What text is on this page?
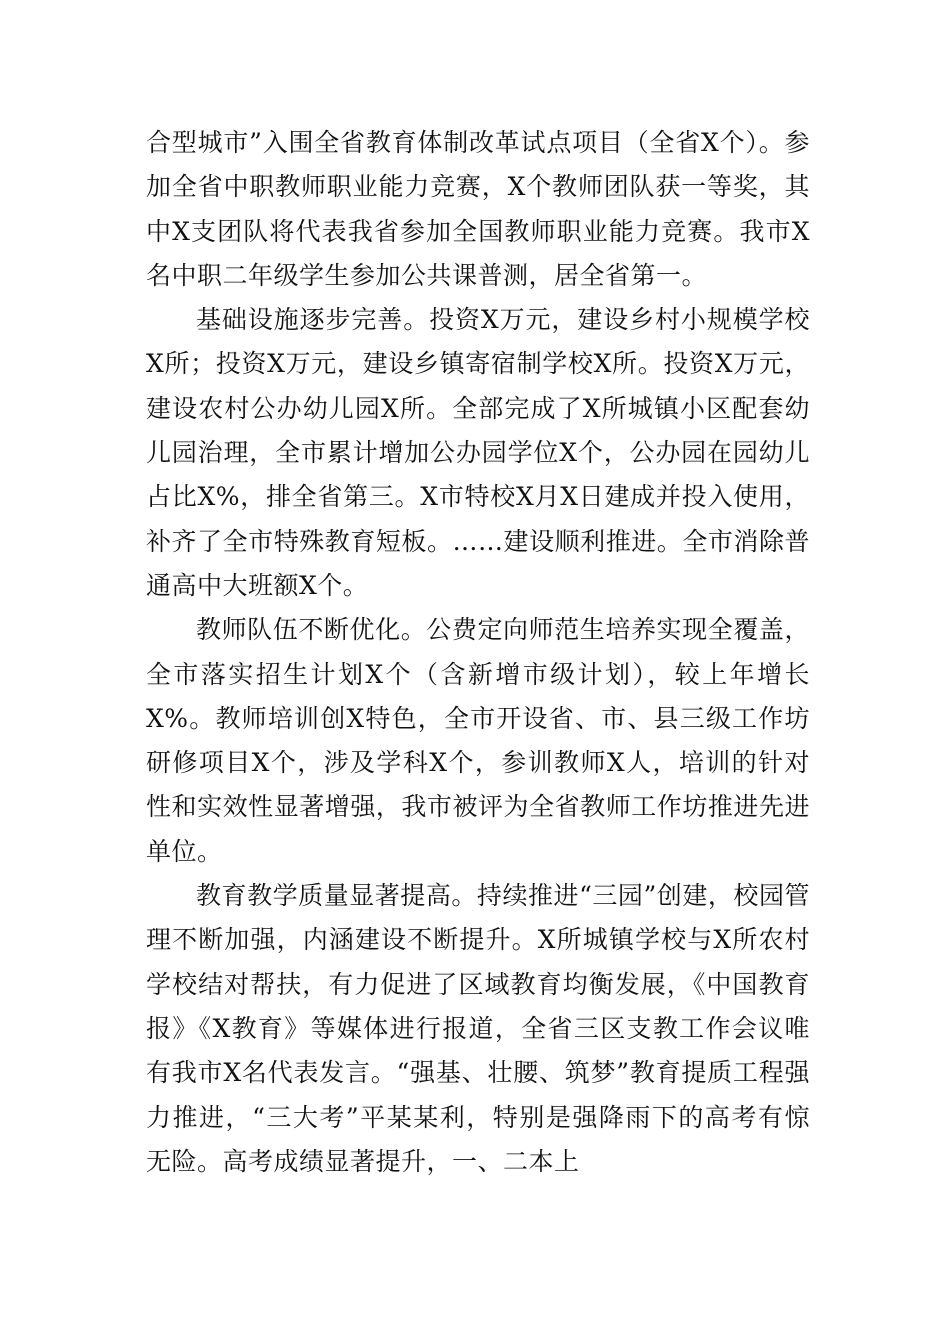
合型城市”入围全省教育体制改革试点项目（全省X个）。参加全省中职教师职业能力竞赛，X个教师团队获一等奖，其中X支团队将代表我省参加全国教师职业能力竞赛。我市X名中职二年级学生参加公共课普测，居全省第一。

基础设施逐步完善。投资X万元，建设乡村小规模学校X所；投资X万元，建设乡镇寄宿制学校X所。投资X万元，建设农村公办幼儿园X所。全部完成了X所城镇小区配套幼儿园治理，全市累计增加公办园学位X个，公办园在园幼儿占比X%，排全省第三。X市特校X月X日建成并投入使用，补齐了全市特殊教育短板。……建设顺利推进。全市消除普通高中大班额X个。

教师队伍不断优化。公费定向师范生培养实现全覆盖，全市落实招生计划X个（含新增市级计划），较上年增长X%。教师培训创X特色，全市开设省、市、县三级工作坊研修项目X个，涉及学科X个，参训教师X人，培训的针对性和实效性显著增强，我市被评为全省教师工作坊推进先进单位。

教育教学质量显著提高。持续推进“三园”创建，校园管理不断加强，内涵建设不断提升。X所城镇学校与X所农村学校结对帮扶，有力促进了区域教育均衡发展，《中国教育报》《X教育》等媒体进行报道，全省三区支教工作会议唯有我市X名代表发言。“强基、壮腰、筑梦”教育提质工程强力推进，“三大考”平某某利，特别是强降雨下的高考有惊无险。高考成绩显著提升，一、二本上
